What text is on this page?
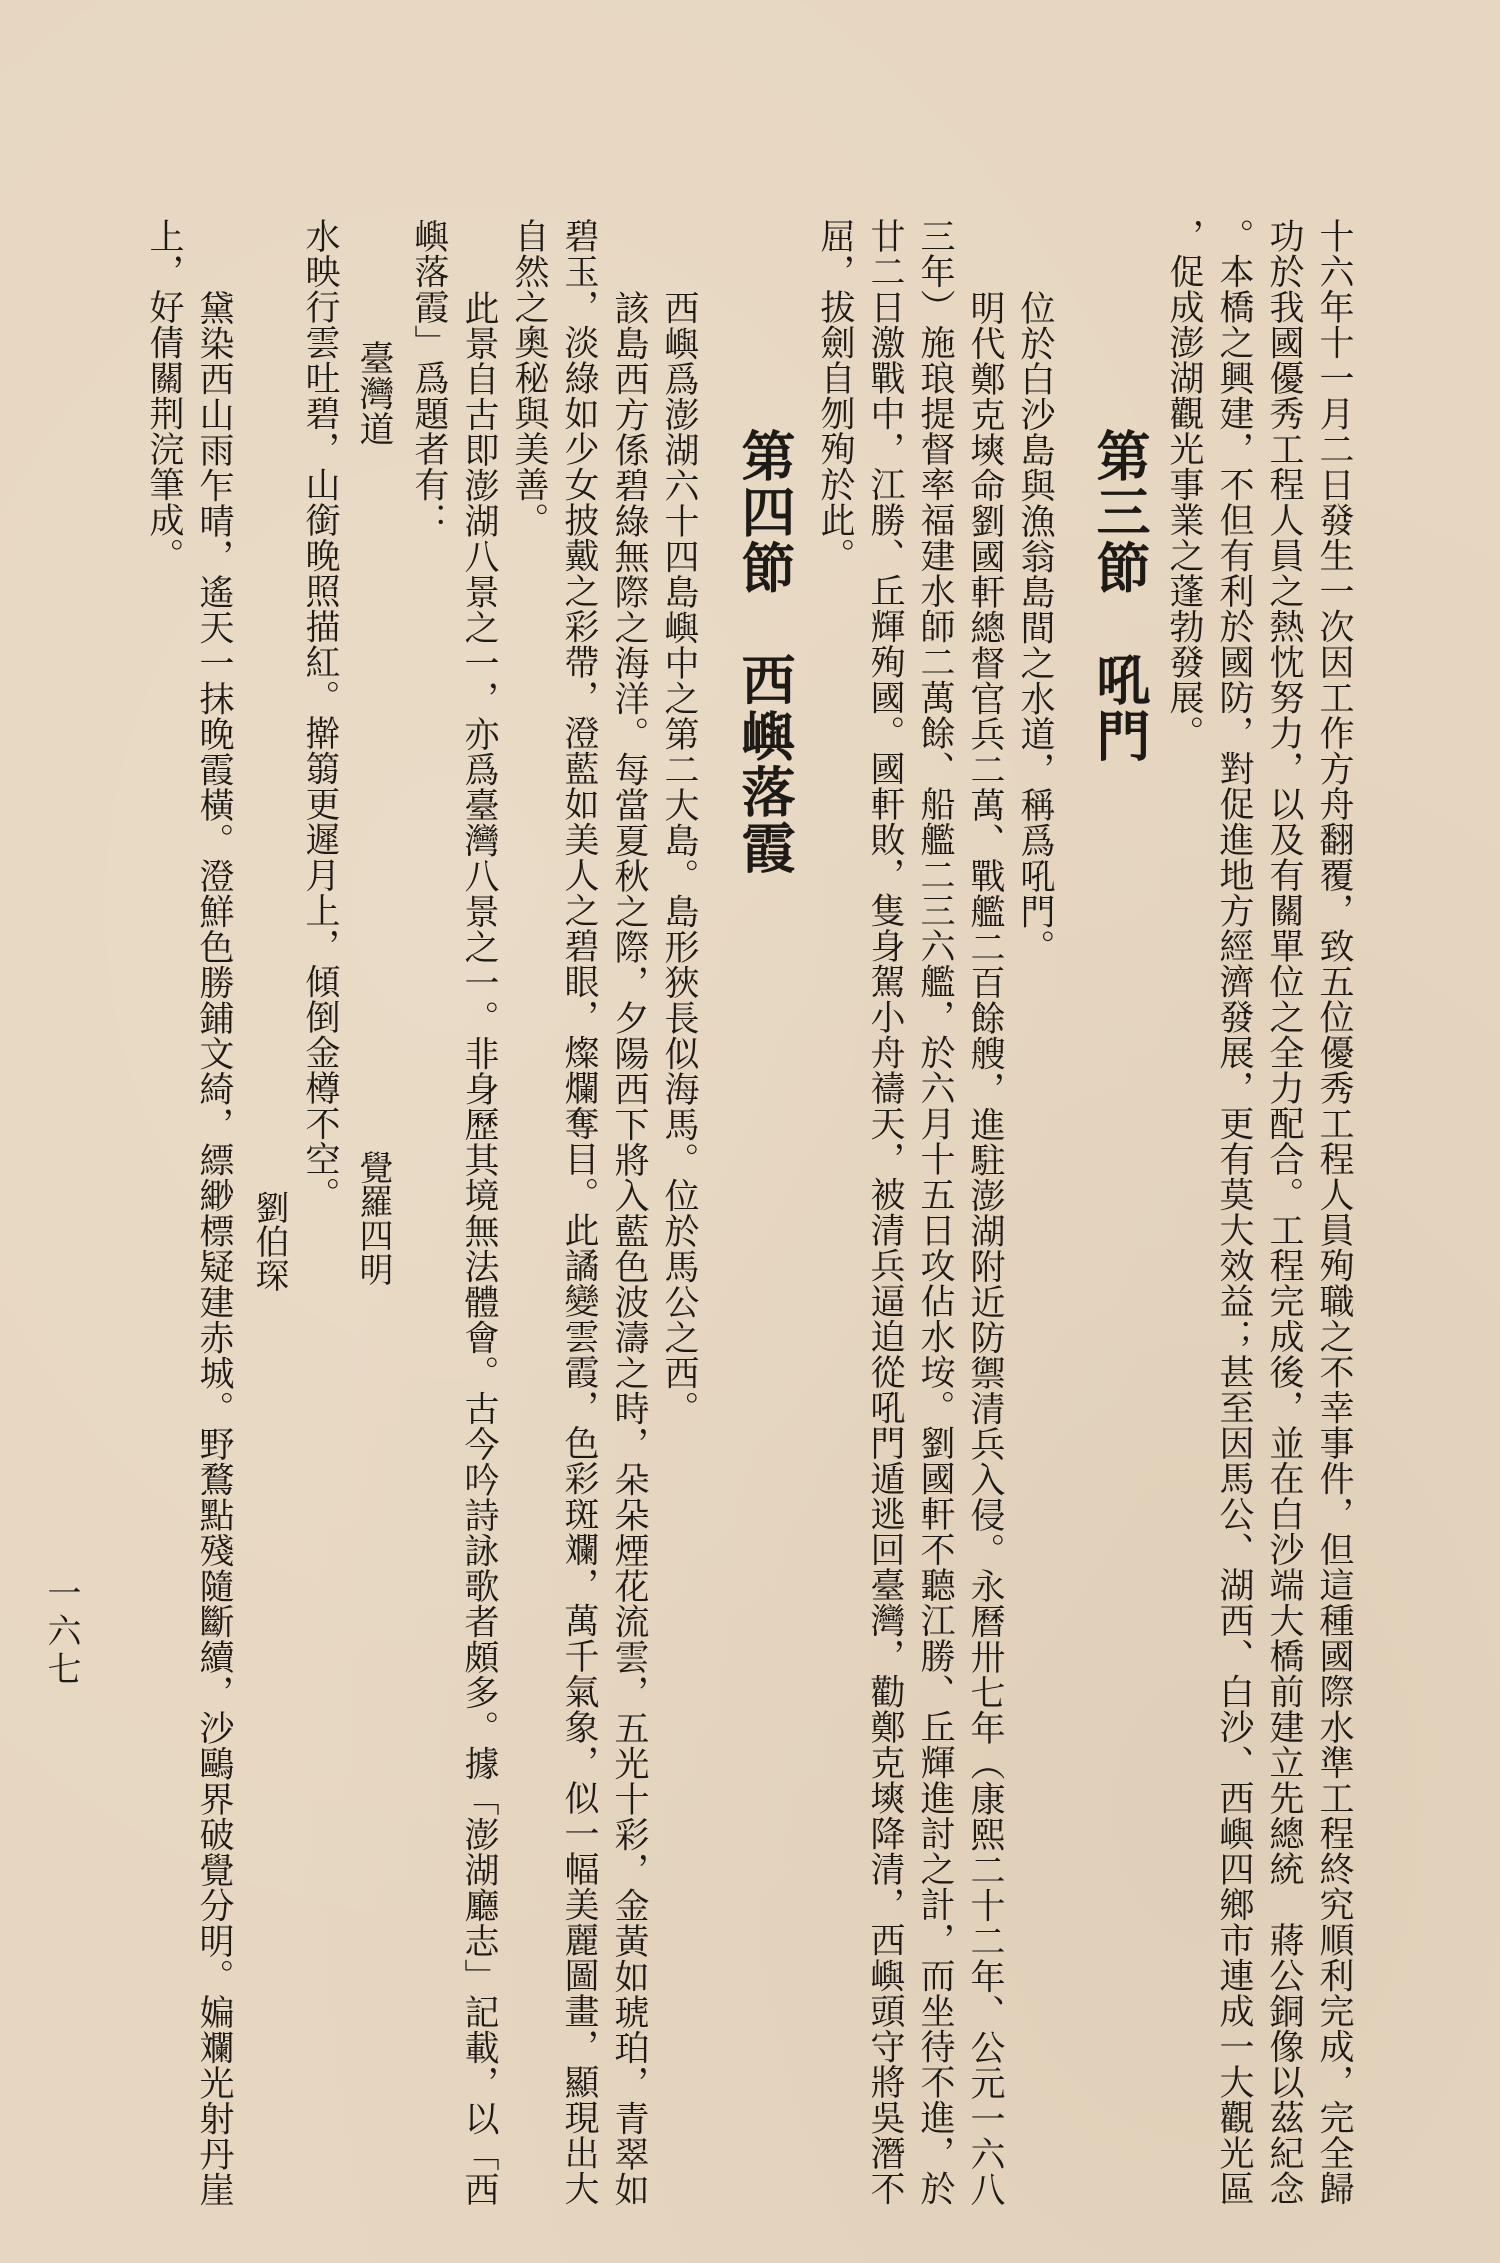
十六年十一月二日發生一次因工作方舟翻覆，致五位優秀工程人員殉職之不幸事件，但這種國際水準工程終究順利完成，完全歸
功於我國優秀工程人員之熱忱努力，以及有關單位之全力配合。工程完成後，並在白沙端大橋前建立先總統　蔣公銅像以茲紀念
。本橋之興建，不但有利於國防，對促進地方經濟發展，更有莫大效益；甚至因馬公、湖西、白沙、西嶼四鄉市連成一大觀光區
，促成澎湖觀光事業之蓬勃發展。
第三節　吼門
位於白沙島與漁翁島間之水道，稱爲吼門。
明代鄭克塽命劉國軒總督官兵二萬、戰艦二百餘艘，進駐澎湖附近防禦清兵入侵。永曆卅七年（康熙二十二年、公元一六八
三年）施琅提督率福建水師二萬餘、船艦二三六艦，於六月十五日攻佔水垵。劉國軒不聽江勝、丘輝進討之計，而坐待不進，於
廿二日激戰中，江勝、丘輝殉國。國軒敗，隻身駕小舟禱天，被清兵逼迫從吼門遁逃回臺灣，勸鄭克塽降清，西嶼頭守將吳潛不
屈，拔劍自刎殉於此。
第四節　西嶼落霞
西嶼爲澎湖六十四島嶼中之第二大島。島形狹長似海馬。位於馬公之西。
該島西方係碧綠無際之海洋。每當夏秋之際，夕陽西下將入藍色波濤之時，朵朵煙花流雲，五光十彩，金黃如琥珀，青翠如
碧玉，淡綠如少女披戴之彩帶，澄藍如美人之碧眼，燦爛奪目。此譎變雲霞，色彩斑斕，萬千氣象，似一幅美麗圖畫，顯現出大
自然之奧秘與美善。
此景自古即澎湖八景之一，亦爲臺灣八景之一。非身歷其境無法體會。古今吟詩詠歌者頗多。據「澎湖廳志」記載，以「西
嶼落霞」爲題者有：
臺灣道
覺羅四明
水映行雲吐碧，山銜晚照描紅。擀篛更遲月上，傾倒金樽不空。
劉伯琛
黛染西山雨乍晴，遙天一抹晚霞橫。澄鮮色勝鋪文綺，縹緲標疑建赤城。野鶩點殘隨斷續，沙鷗界破覺分明。媥斕光射丹崖
上，好倩關荆浣筆成。
一六七
